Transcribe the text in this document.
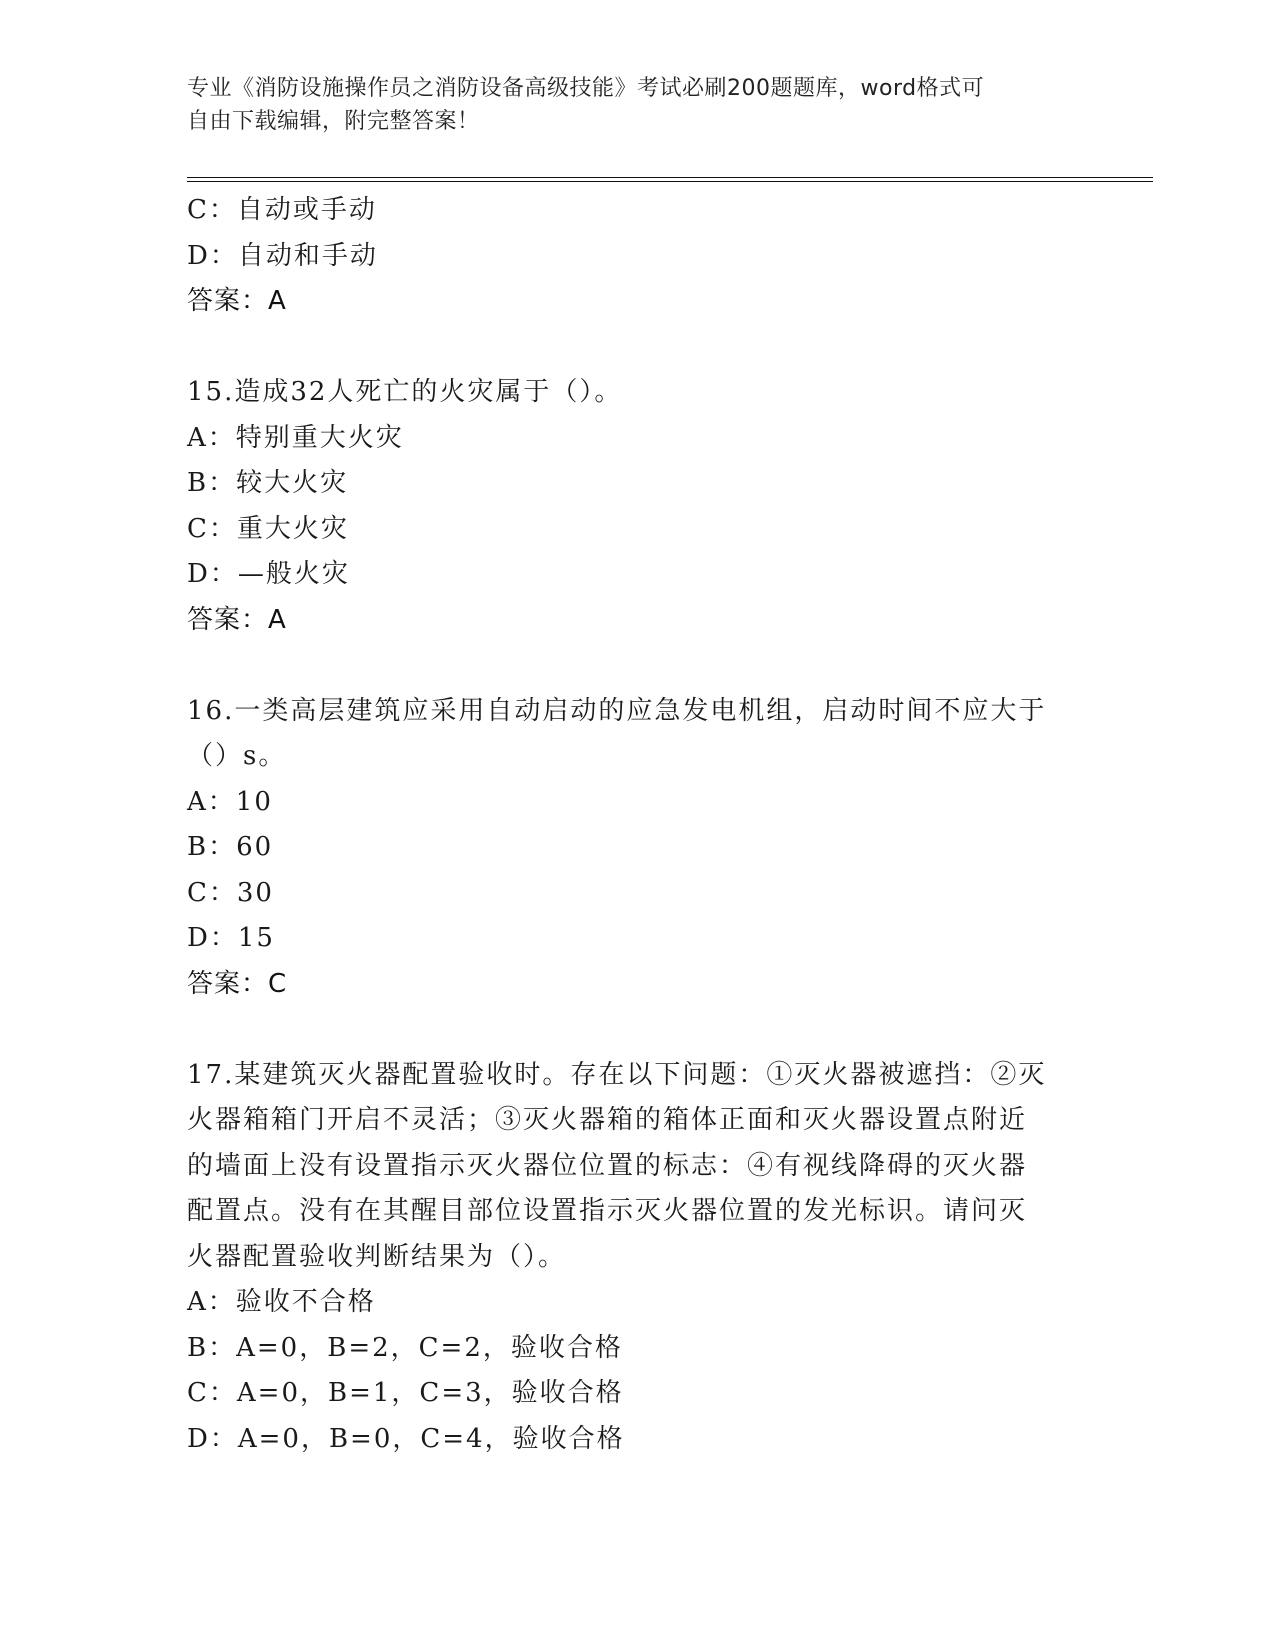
专业《消防设施操作员之消防设备高级技能》考试必刷200题题库，word格式可
自由下载编辑，附完整答案！
C：自动或手动
D：自动和手动
答案：A
15.造成32人死亡的火灾属于（）。
A：特别重大火灾
B：较大火灾
C：重大火灾
D：—般火灾
答案：A
16.一类高层建筑应采用自动启动的应急发电机组，启动时间不应大于
（）s。
A：10
B：60
C：30
D：15
答案：C
17.某建筑灭火器配置验收时。存在以下问题：①灭火器被遮挡：②灭
火器箱箱门开启不灵活；③灭火器箱的箱体正面和灭火器设置点附近
的墙面上没有设置指示灭火器位位置的标志：④有视线降碍的灭火器
配置点。没有在其醒目部位设置指示灭火器位置的发光标识。请问灭
火器配置验收判断结果为（）。
A：验收不合格
B：A=0，B=2，C=2，验收合格
C：A=0，B=1，C=3，验收合格
D：A=0，B=0，C=4，验收合格
